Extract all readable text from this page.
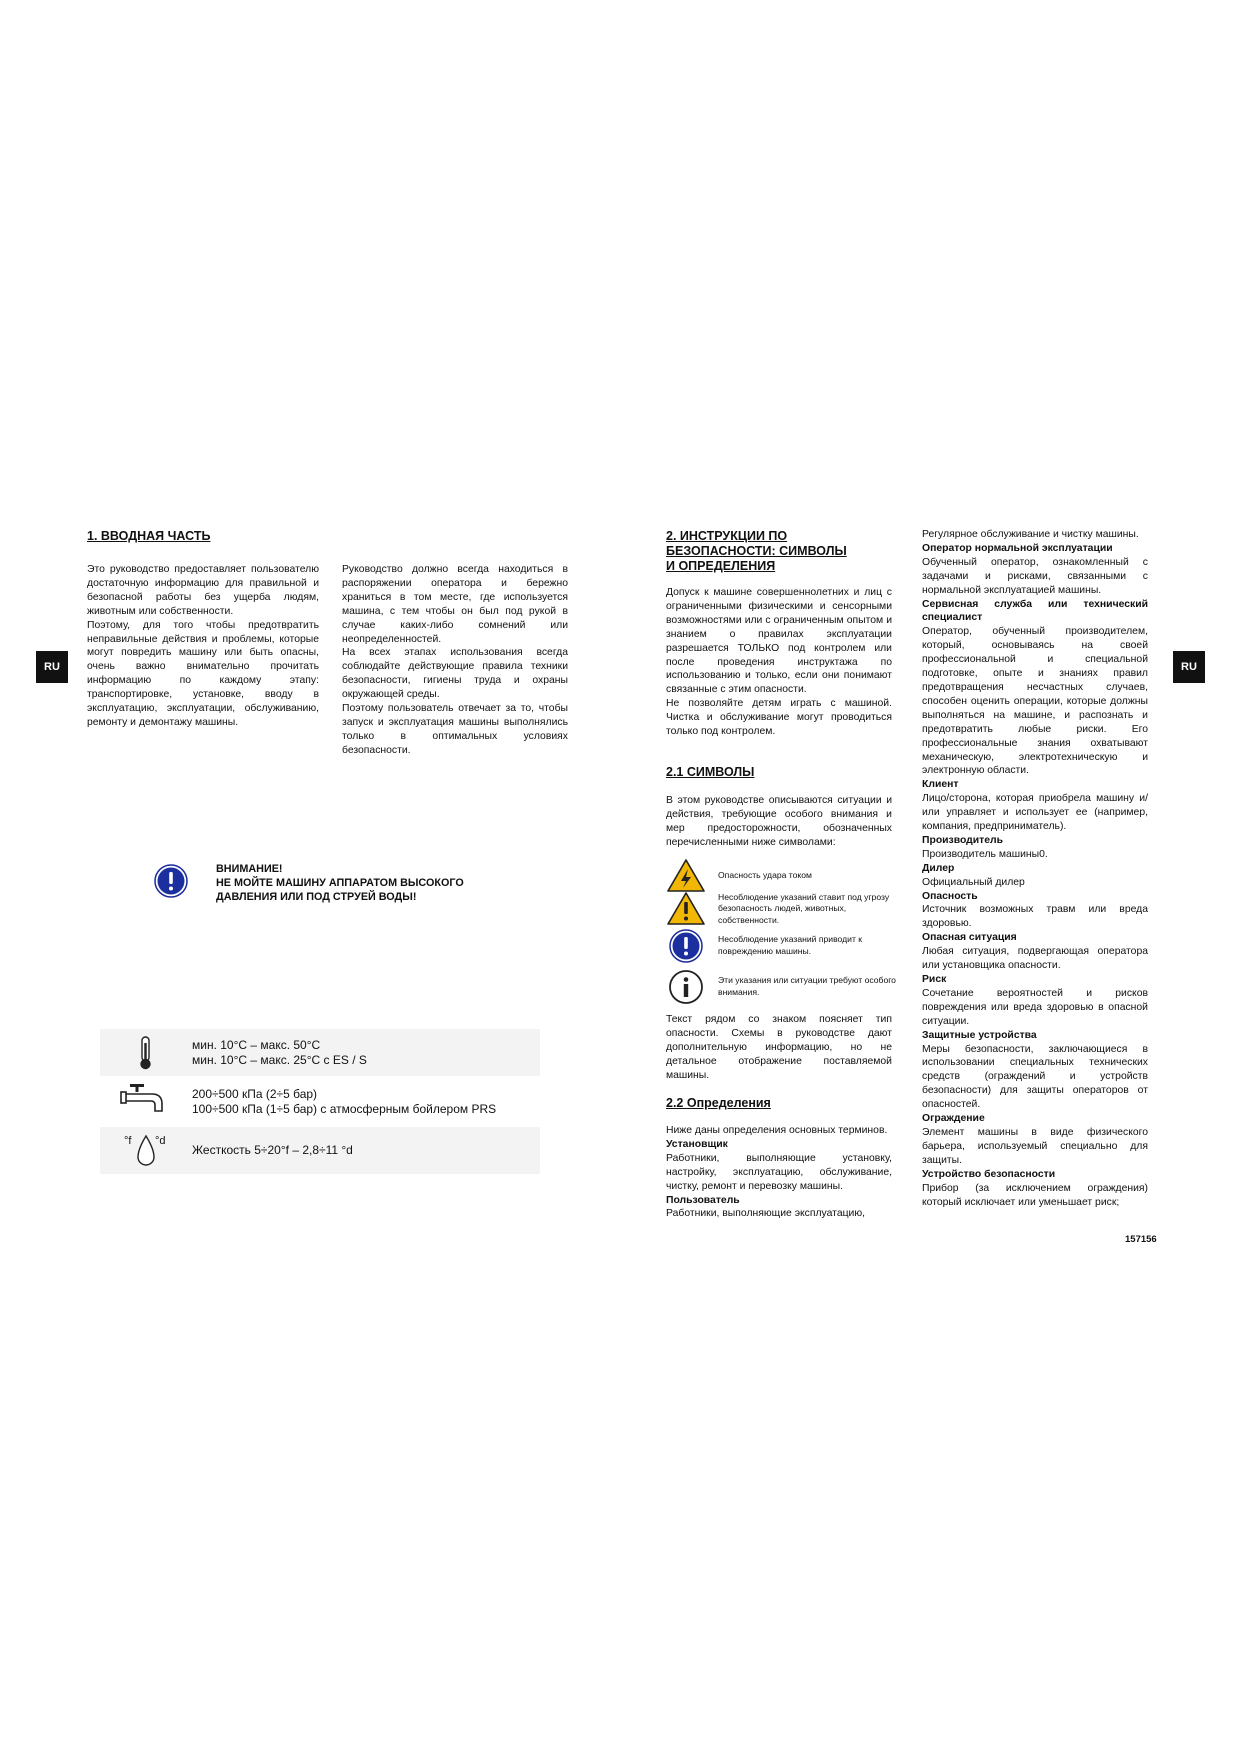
RU	RU
1. ВВОДНАЯ ЧАСТЬ
Это руководство предоставляет пользователю достаточную информацию для правильной и безопасной работы без ущерба людям, животным или собственности.
Поэтому, для того чтобы предотвратить неправильные действия и проблемы, которые могут повредить машину или быть опасны, очень важно внимательно прочитать информацию по каждому этапу: транспортировке, установке, вводу в эксплуатацию, эксплуатации, обслуживанию, ремонту и демонтажу машины.
Руководство должно всегда находиться в распоряжении оператора и бережно храниться в том месте, где используется машина, с тем чтобы он был под рукой в случае каких-либо сомнений или неопределенностей.
На всех этапах использования всегда соблюдайте действующие правила техники безопасности, гигиены труда и охраны окружающей среды.
Поэтому пользователь отвечает за то, чтобы запуск и эксплуатация машины выполнялись только в оптимальных условиях безопасности.
ВНИМАНИЕ!
НЕ МОЙТЕ МАШИНУ АППАРАТОМ ВЫСОКОГО
ДАВЛЕНИЯ ИЛИ ПОД СТРУЕЙ ВОДЫ!
мин. 10°C – макс. 50°C
мин. 10°C – макс. 25°C с ES / S
200÷500 кПа (2÷5 бар)
100÷500 кПа (1÷5 бар) с атмосферным бойлером PRS
°f °d
Жесткость 5÷20°f – 2,8÷11 °d
2. ИНСТРУКЦИИ ПО
БЕЗОПАСНОСТИ: СИМВОЛЫ
И ОПРЕДЕЛЕНИЯ
Допуск к машине совершеннолетних и лиц с ограниченными физическими и сенсорными возможностями или с ограниченным опытом и знанием о правилах эксплуатации разрешается ТОЛЬКО под контролем или после проведения инструктажа по использованию и только, если они понимают связанные с этим опасности.
Не позволяйте детям играть с машиной. Чистка и обслуживание могут проводиться только под контролем.
2.1 СИМВОЛЫ
В этом руководстве описываются ситуации и действия, требующие особого внимания и мер предосторожности, обозначенных перечисленными ниже символами:
Опасность удара током
Несоблюдение указаний ставит под угрозу безопасность людей, животных, собственности.
Несоблюдение указаний приводит к повреждению машины.
Эти указания или ситуации требуют особого внимания.
Текст рядом со знаком поясняет тип опасности. Схемы в руководстве дают дополнительную информацию, но не детальное отображение поставляемой машины.
2.2 Определения

Ниже даны определения основных терминов.

Установщик

Работники, выполняющие установку, настройку, эксплуатацию, обслуживание, чистку, ремонт и перевозку машины.

Пользователь

Работники, выполняющие эксплуатацию,

Регулярное обслуживание и чистку машины.

Оператор нормальной эксплуатации

Обученный оператор, ознакомленный с задачами и рисками, связанными с нормальной эксплуатацией машины.

Сервисная служба или технический специалист

Оператор, обученный производителем, который, основываясь на своей профессиональной и специальной подготовке, опыте и знаниях правил предотвращения несчастных случаев, способен оценить операции, которые должны выполняться на машине, и распознать и предотвратить любые риски. Его профессиональные знания охватывают механическую, электротехническую и электронную области.

Клиент

Лицо/сторона, которая приобрела машину и/или управляет и использует ее (например, компания, предприниматель).

Производитель

Производитель машины0.

Дилер

Официальный дилер

Опасность

Источник возможных травм или вреда здоровью.

Опасная ситуация

Любая ситуация, подвергающая оператора или установщика опасности.

Риск

Сочетание вероятностей и рисков повреждения или вреда здоровью в опасной ситуации.

Защитные устройства

Меры безопасности, заключающиеся в использовании специальных технических средств (ограждений и устройств безопасности) для защиты операторов от опасностей.

Ограждение

Элемент машины в виде физического барьера, используемый специально для защиты.

Устройство безопасности

Прибор (за исключением ограждения) который исключает или уменьшает риск;

157156
